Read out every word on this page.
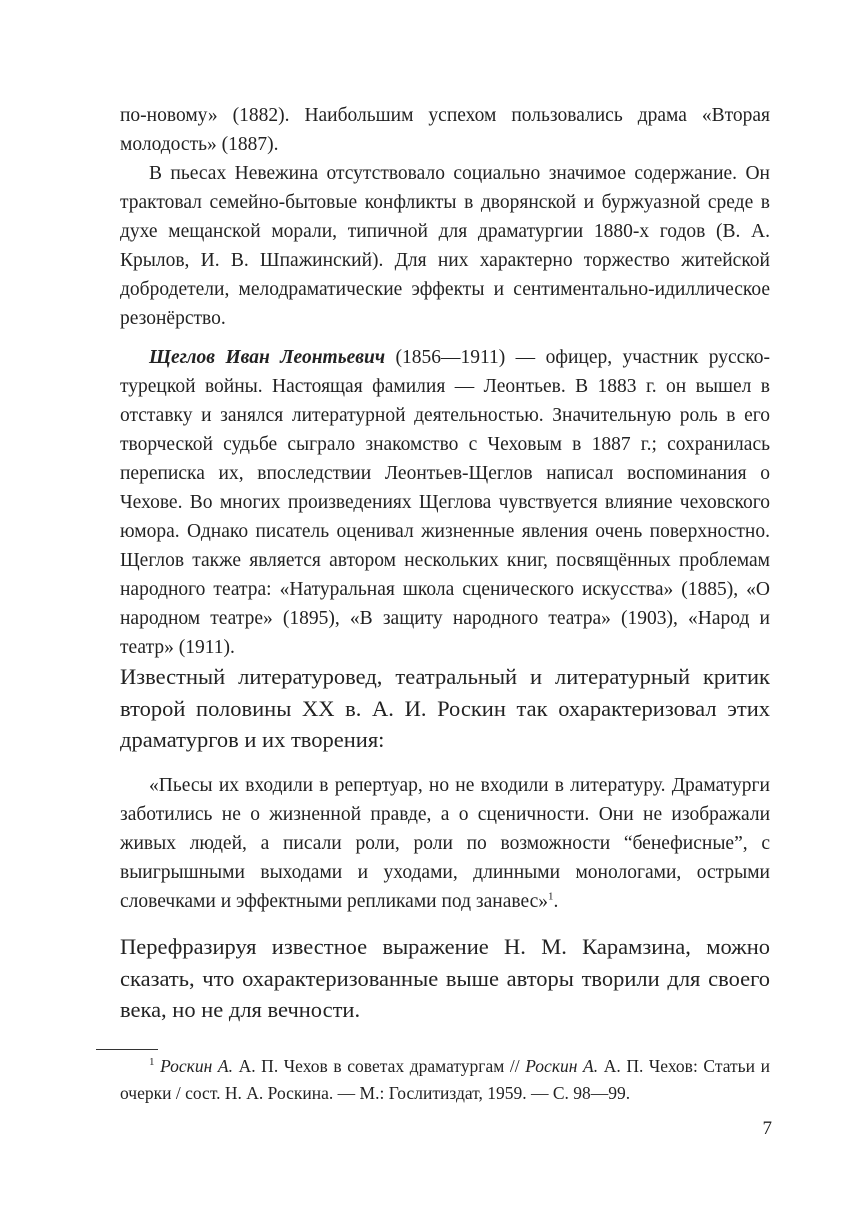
по-новому» (1882). Наибольшим успехом пользовались драма «Вторая молодость» (1887).

В пьесах Невежина отсутствовало социально значимое содержание. Он трактовал семейно-бытовые конфликты в дворянской и буржуазной среде в духе мещанской морали, типичной для драматургии 1880-х годов (В. А. Крылов, И. В. Шпажинский). Для них характерно торжество житейской добродетели, мелодраматические эффекты и сентиментально-идиллическое резонёрство.

Щеглов Иван Леонтьевич (1856—1911) — офицер, участник русско-турецкой войны. Настоящая фамилия — Леонтьев. В 1883 г. он вышел в отставку и занялся литературной деятельностью. Значительную роль в его творческой судьбе сыграло знакомство с Чеховым в 1887 г.; сохранилась переписка их, впоследствии Леонтьев-Щеглов написал воспоминания о Чехове. Во многих произведениях Щеглова чувствуется влияние чеховского юмора. Однако писатель оценивал жизненные явления очень поверхностно. Щеглов также является автором нескольких книг, посвящённых проблемам народного театра: «Натуральная школа сценического искусства» (1885), «О народном театре» (1895), «В защиту народного театра» (1903), «Народ и театр» (1911).

Известный литературовед, театральный и литературный критик второй половины XX в. А. И. Роскин так охарактеризовал этих драматургов и их творения:

«Пьесы их входили в репертуар, но не входили в литературу. Драматурги заботились не о жизненной правде, а о сценичности. Они не изображали живых людей, а писали роли, роли по возможности “бенефисные”, с выигрышными выходами и уходами, длинными монологами, острыми словечками и эффектными репликами под занавес»$^1$.

Перефразируя известное выражение Н. М. Карамзина, можно сказать, что охарактеризованные выше авторы творили для своего века, но не для вечности.

$^1$ Роскин А. А. П. Чехов в советах драматургам // Роскин А. А. П. Чехов: Статьи и очерки / сост. Н. А. Роскина. — М.: Гослитиздат, 1959. — С. 98—99.

7
